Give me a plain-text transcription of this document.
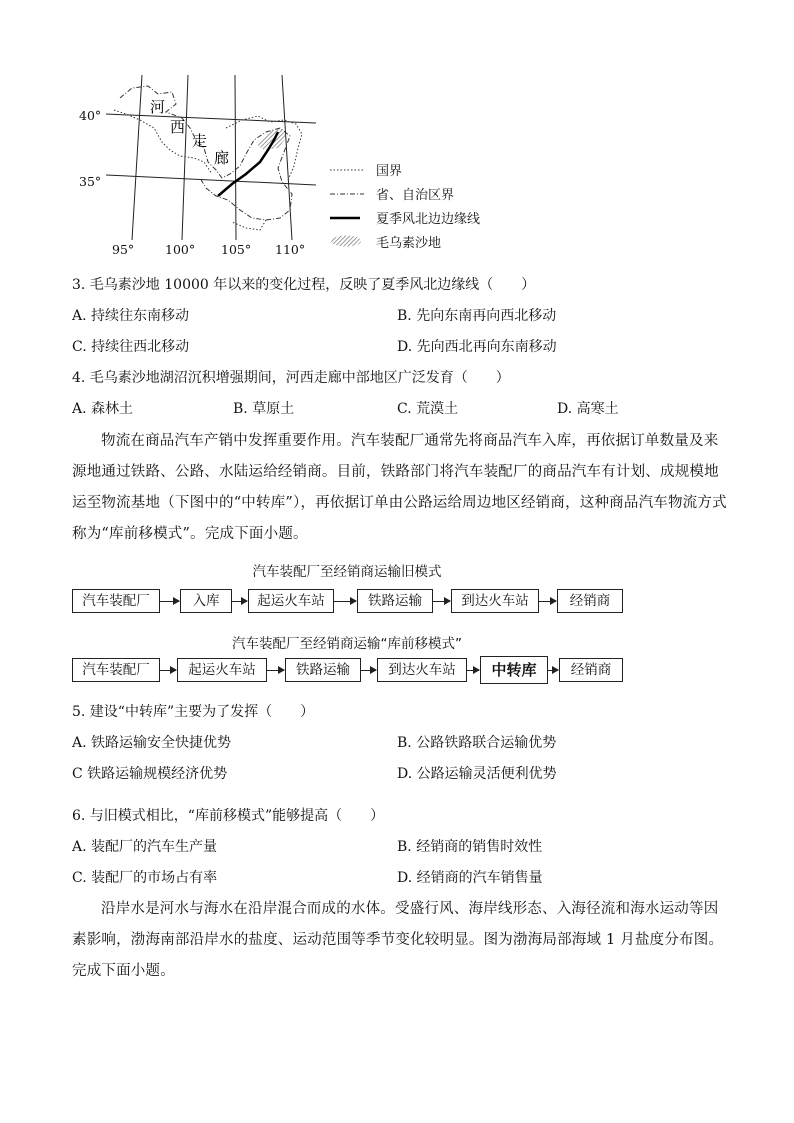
河
西
走
廊
40°
35°
95° 100° 105° 110°
国界
省、自治区界
夏季风北边边缘线
毛乌素沙地
3. 毛乌素沙地 10000 年以来的变化过程，反映了夏季风北边缘线（　　）
A. 持续往东南移动	B. 先向东南再向西北移动
C. 持续往西北移动	D. 先向西北再向东南移动
4. 毛乌素沙地湖沼沉积增强期间，河西走廊中部地区广泛发育（　　）
A. 森林土	B. 草原土	C. 荒漠土	D. 高寒土
物流在商品汽车产销中发挥重要作用。汽车装配厂通常先将商品汽车入库，再依据订单数量及来源地通过铁路、公路、水陆运给经销商。目前，铁路部门将汽车装配厂的商品汽车有计划、成规模地运至物流基地（下图中的“中转库”），再依据订单由公路运给周边地区经销商，这种商品汽车物流方式称为“库前移模式”。完成下面小题。
汽车装配厂至经销商运输旧模式
汽车装配厂	入库	起运火车站	铁路运输	到达火车站	经销商
汽车装配厂至经销商运输“库前移模式”
汽车装配厂	起运火车站	铁路运输	到达火车站	中转库	经销商
5. 建设“中转库”主要为了发挥（　　）
A. 铁路运输安全快捷优势	B. 公路铁路联合运输优势
C 铁路运输规模经济优势	D. 公路运输灵活便利优势
6. 与旧模式相比，“库前移模式”能够提高（　　）
A. 装配厂的汽车生产量	B. 经销商的销售时效性
C. 装配厂的市场占有率	D. 经销商的汽车销售量
沿岸水是河水与海水在沿岸混合而成的水体。受盛行风、海岸线形态、入海径流和海水运动等因素影响，渤海南部沿岸水的盐度、运动范围等季节变化较明显。图为渤海局部海域 1 月盐度分布图。完成下面小题。
